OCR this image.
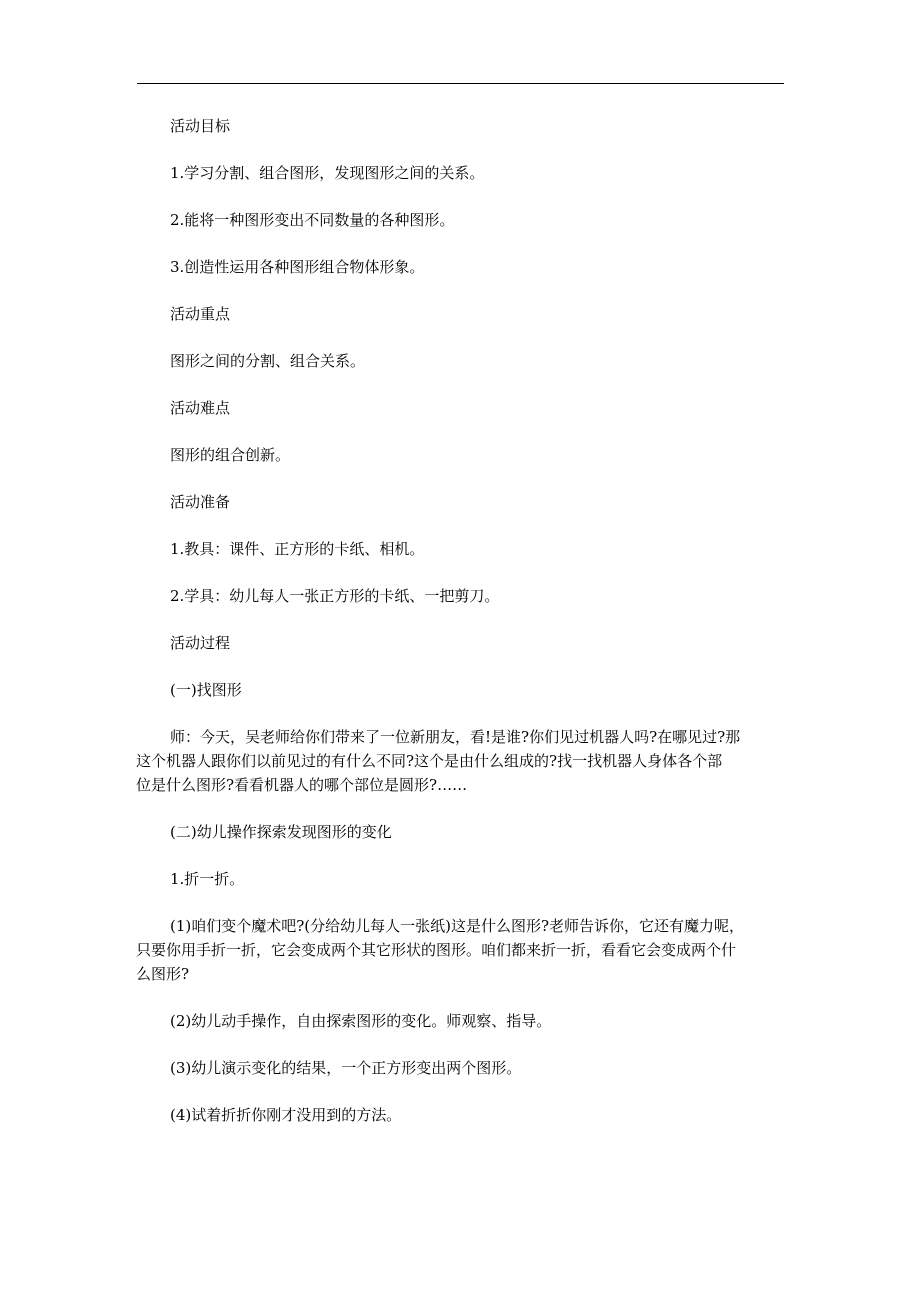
活动目标
1.学习分割、组合图形，发现图形之间的关系。
2.能将一种图形变出不同数量的各种图形。
3.创造性运用各种图形组合物体形象。
活动重点
图形之间的分割、组合关系。
活动难点
图形的组合创新。
活动准备
1.教具：课件、正方形的卡纸、相机。
2.学具：幼儿每人一张正方形的卡纸、一把剪刀。
活动过程
(一)找图形
师：今天，吴老师给你们带来了一位新朋友，看!是谁?你们见过机器人吗?在哪见过?那
这个机器人跟你们以前见过的有什么不同?这个是由什么组成的?找一找机器人身体各个部
位是什么图形?看看机器人的哪个部位是圆形?……
(二)幼儿操作探索发现图形的变化
1.折一折。
(1)咱们变个魔术吧?(分给幼儿每人一张纸)这是什么图形?老师告诉你，它还有魔力呢，
只要你用手折一折，它会变成两个其它形状的图形。咱们都来折一折，看看它会变成两个什
么图形?
(2)幼儿动手操作，自由探索图形的变化。师观察、指导。
(3)幼儿演示变化的结果，一个正方形变出两个图形。
(4)试着折折你刚才没用到的方法。
